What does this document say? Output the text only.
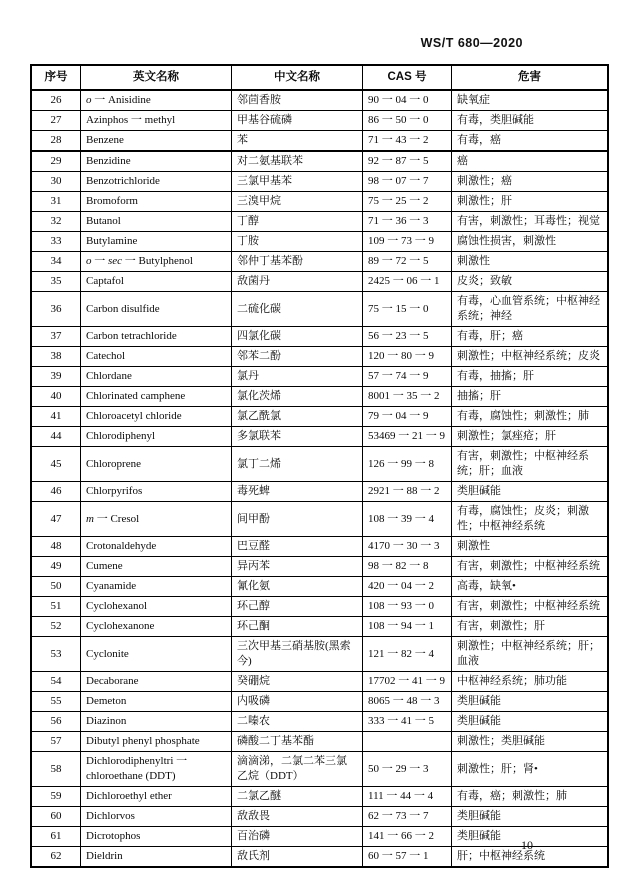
WS/T 680—2020
序号	英文名称	中文名称	CAS 号	危害
26	o 一 Anisidine	邻茴香胺	90 一 04 一 0	缺氧症
27	Azinphos 一 methyl	甲基谷硫磷	86 一 50 一 0	有毒，类胆碱能
28	Benzene	苯	71 一 43 一 2	有毒，癌
29	Benzidine	对二氨基联苯	92 一 87 一 5	癌
30	Benzotrichloride	三氯甲基苯	98 一 07 一 7	刺激性；癌
31	Bromoform	三溴甲烷	75 一 25 一 2	刺激性；肝
32	Butanol	丁醇	71 一 36 一 3	有害，刺激性；耳毒性；视觉
33	Butylamine	丁胺	109 一 73 一 9	腐蚀性损害，刺激性
34	o 一 sec 一 Butylphenol	邻仲丁基苯酚	89 一 72 一 5	刺激性
35	Captafol	敌菌丹	2425 一 06 一 1	皮炎；致敏
36	Carbon disulfide	二硫化碳	75 一 15 一 0	有毒，心血管系统；中枢神经系统；神经
37	Carbon tetrachloride	四氯化碳	56 一 23 一 5	有毒，肝；癌
38	Catechol	邻苯二酚	120 一 80 一 9	刺激性；中枢神经系统；皮炎
39	Chlordane	氯丹	57 一 74 一 9	有毒，抽搐；肝
40	Chlorinated camphene	氯化茨烯	8001 一 35 一 2	抽搐；肝
41	Chloroacetyl chloride	氯乙酰氯	79 一 04 一 9	有毒，腐蚀性；刺激性；肺
44	Chlorodiphenyl	多氯联苯	53469 一 21 一 9	刺激性；氯痤疮；肝
45	Chloroprene	氯丁二烯	126 一 99 一 8	有害，刺激性；中枢神经系统；肝；血液
46	Chlorpyrifos	毒死蜱	2921 一 88 一 2	类胆碱能
47	m 一 Cresol	间甲酚	108 一 39 一 4	有毒，腐蚀性；皮炎；刺激性；中枢神经系统
48	Crotonaldehyde	巴豆醛	4170 一 30 一 3	刺激性
49	Cumene	异丙苯	98 一 82 一 8	有害，刺激性；中枢神经系统
50	Cyanamide	氰化氨	420 一 04 一 2	高毒，缺氧•
51	Cyclohexanol	环己醇	108 一 93 一 0	有害，刺激性；中枢神经系统
52	Cyclohexanone	环己酮	108 一 94 一 1	有害，刺激性；肝
53	Cyclonite	三次甲基三硝基胺(黑索今)	121 一 82 一 4	刺激性；中枢神经系统；肝；血液
54	Decaborane	癸硼烷	17702 一 41 一 9	中枢神经系统；肺功能
55	Demeton	内吸磷	8065 一 48 一 3	类胆碱能
56	Diazinon	二嗪农	333 一 41 一 5	类胆碱能
57	Dibutyl phenyl phosphate	磷酸二丁基苯酯		刺激性；类胆碱能
58	Dichlorodiphenyltri 一 chloroethane (DDT)	滴滴涕，二氯二苯三氯乙烷（DDT）	50 一 29 一 3	刺激性；肝；肾•
59	Dichloroethyl ether	二氯乙醚	111 一 44 一 4	有毒，癌；刺激性；肺
60	Dichlorvos	敌敌畏	62 一 73 一 7	类胆碱能
61	Dicrotophos	百治磷	141 一 66 一 2	类胆碱能
62	Dieldrin	敌氏剂	60 一 57 一 1	肝；中枢神经系统
10
